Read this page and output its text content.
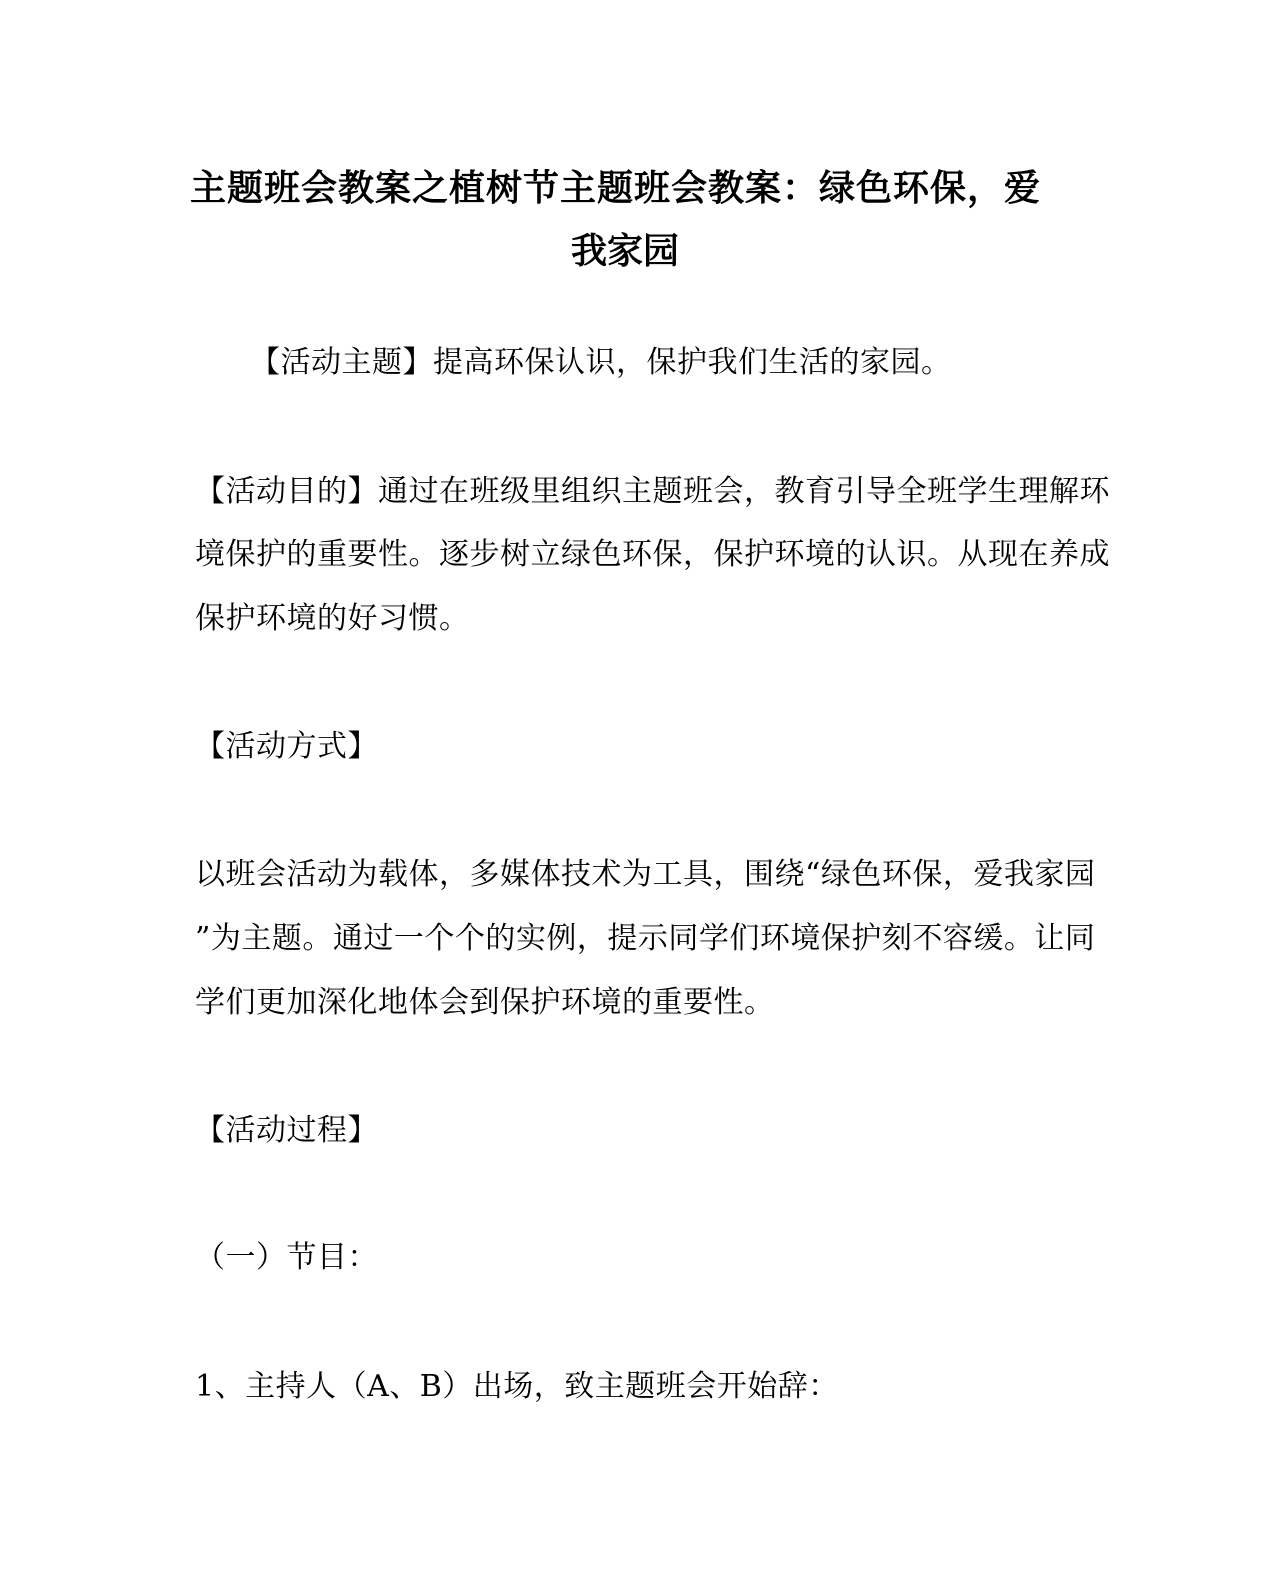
主题班会教案之植树节主题班会教案：绿色环保，爱
我家园
【活动主题】提高环保认识，保护我们生活的家园。
【活动目的】通过在班级里组织主题班会，教育引导全班学生理解环
境保护的重要性。逐步树立绿色环保，保护环境的认识。从现在养成
保护环境的好习惯。
【活动方式】
以班会活动为载体，多媒体技术为工具，围绕“绿色环保，爱我家园
”为主题。通过一个个的实例，提示同学们环境保护刻不容缓。让同
学们更加深化地体会到保护环境的重要性。
【活动过程】
（一）节目：
1、主持人（A、B）出场，致主题班会开始辞：
